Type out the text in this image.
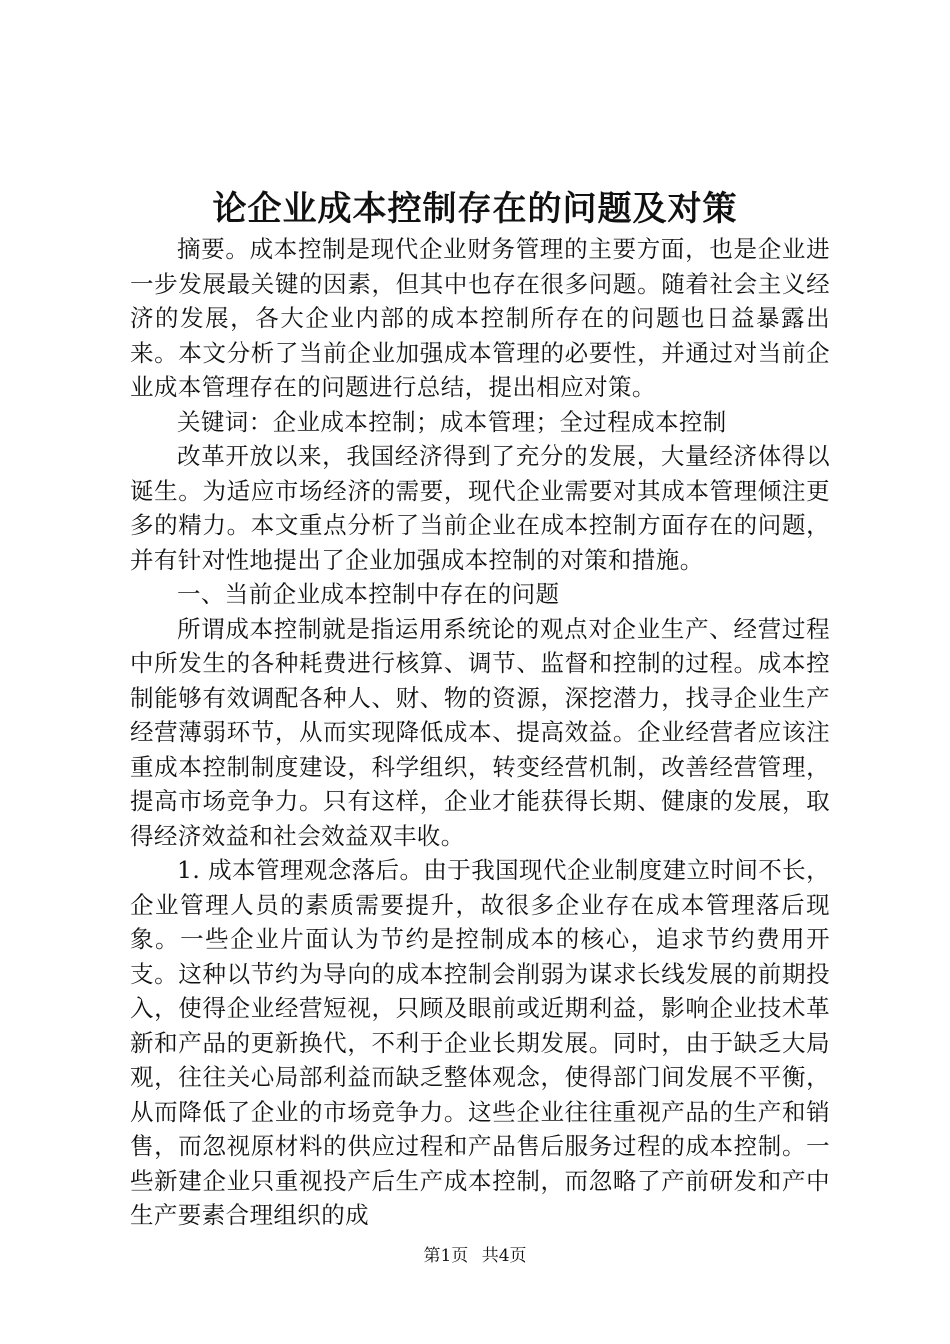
论企业成本控制存在的问题及对策

摘要。成本控制是现代企业财务管理的主要方面，也是企业进一步发展最关键的因素，但其中也存在很多问题。随着社会主义经济的发展，各大企业内部的成本控制所存在的问题也日益暴露出来。本文分析了当前企业加强成本管理的必要性，并通过对当前企业成本管理存在的问题进行总结，提出相应对策。

关键词：企业成本控制；成本管理；全过程成本控制

改革开放以来，我国经济得到了充分的发展，大量经济体得以诞生。为适应市场经济的需要，现代企业需要对其成本管理倾注更多的精力。本文重点分析了当前企业在成本控制方面存在的问题，并有针对性地提出了企业加强成本控制的对策和措施。

一、当前企业成本控制中存在的问题

所谓成本控制就是指运用系统论的观点对企业生产、经营过程中所发生的各种耗费进行核算、调节、监督和控制的过程。成本控制能够有效调配各种人、财、物的资源，深挖潜力，找寻企业生产经营薄弱环节，从而实现降低成本、提高效益。企业经营者应该注重成本控制制度建设，科学组织，转变经营机制，改善经营管理，提高市场竞争力。只有这样，企业才能获得长期、健康的发展，取得经济效益和社会效益双丰收。

1. 成本管理观念落后。由于我国现代企业制度建立时间不长，企业管理人员的素质需要提升，故很多企业存在成本管理落后现象。一些企业片面认为节约是控制成本的核心，追求节约费用开支。这种以节约为导向的成本控制会削弱为谋求长线发展的前期投入，使得企业经营短视，只顾及眼前或近期利益，影响企业技术革新和产品的更新换代，不利于企业长期发展。同时，由于缺乏大局观，往往关心局部利益而缺乏整体观念，使得部门间发展不平衡，从而降低了企业的市场竞争力。这些企业往往重视产品的生产和销售，而忽视原材料的供应过程和产品售后服务过程的成本控制。一些新建企业只重视投产后生产成本控制，而忽略了产前研发和产中生产要素合理组织的成

第1页 共4页
